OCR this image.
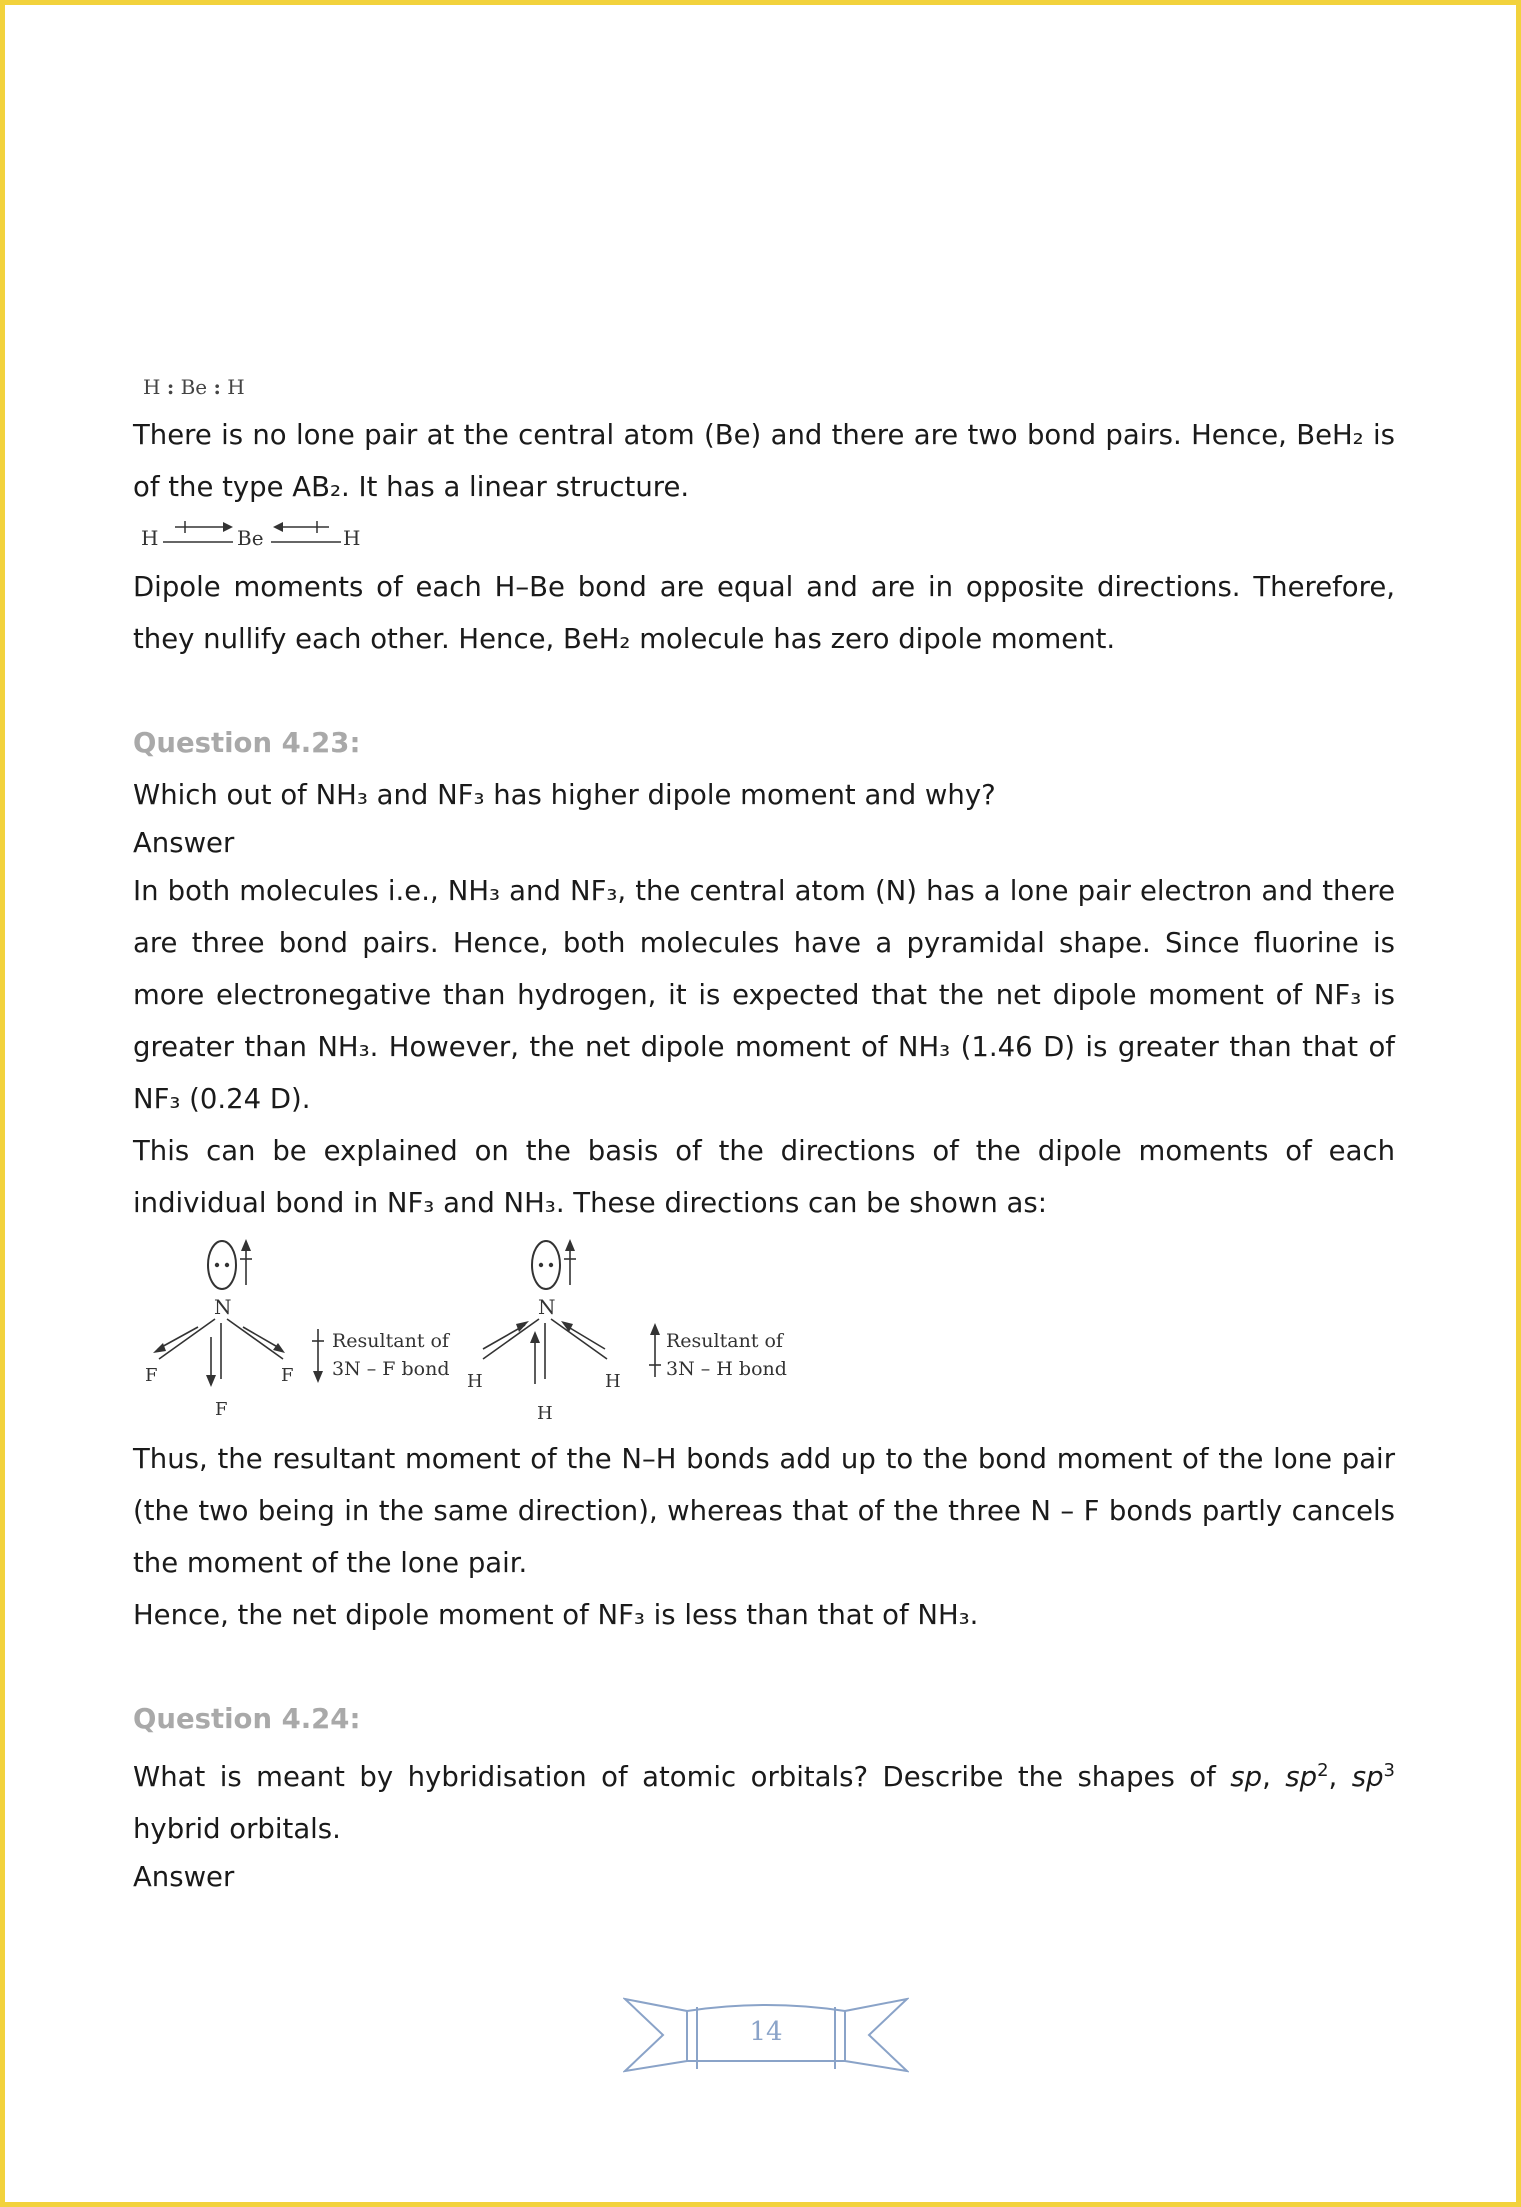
H : Be : H

There is no lone pair at the central atom (Be) and there are two bond pairs. Hence, BeH₂ is of the type AB₂. It has a linear structure.

H	Be	H

Dipole moments of each H–Be bond are equal and are in opposite directions. Therefore, they nullify each other. Hence, BeH₂ molecule has zero dipole moment.

Question 4.23:

Which out of NH₃ and NF₃ has higher dipole moment and why?

Answer

In both molecules i.e., NH₃ and NF₃, the central atom (N) has a lone pair electron and there are three bond pairs. Hence, both molecules have a pyramidal shape. Since fluorine is more electronegative than hydrogen, it is expected that the net dipole moment of NF₃ is greater than NH₃. However, the net dipole moment of NH₃ (1.46 D) is greater than that of NF₃ (0.24 D).

This can be explained on the basis of the directions of the dipole moments of each individual bond in NF₃ and NH₃. These directions can be shown as:

N
F
F
F
Resultant of
3N – F bond
N
H
H
H
Resultant of
3N – H bond

Thus, the resultant moment of the N–H bonds add up to the bond moment of the lone pair (the two being in the same direction), whereas that of the three N – F bonds partly cancels the moment of the lone pair.

Hence, the net dipole moment of NF₃ is less than that of NH₃.

Question 4.24:

What is meant by hybridisation of atomic orbitals? Describe the shapes of sp, $sp^2$, $sp^3$ hybrid orbitals.

Answer

14
